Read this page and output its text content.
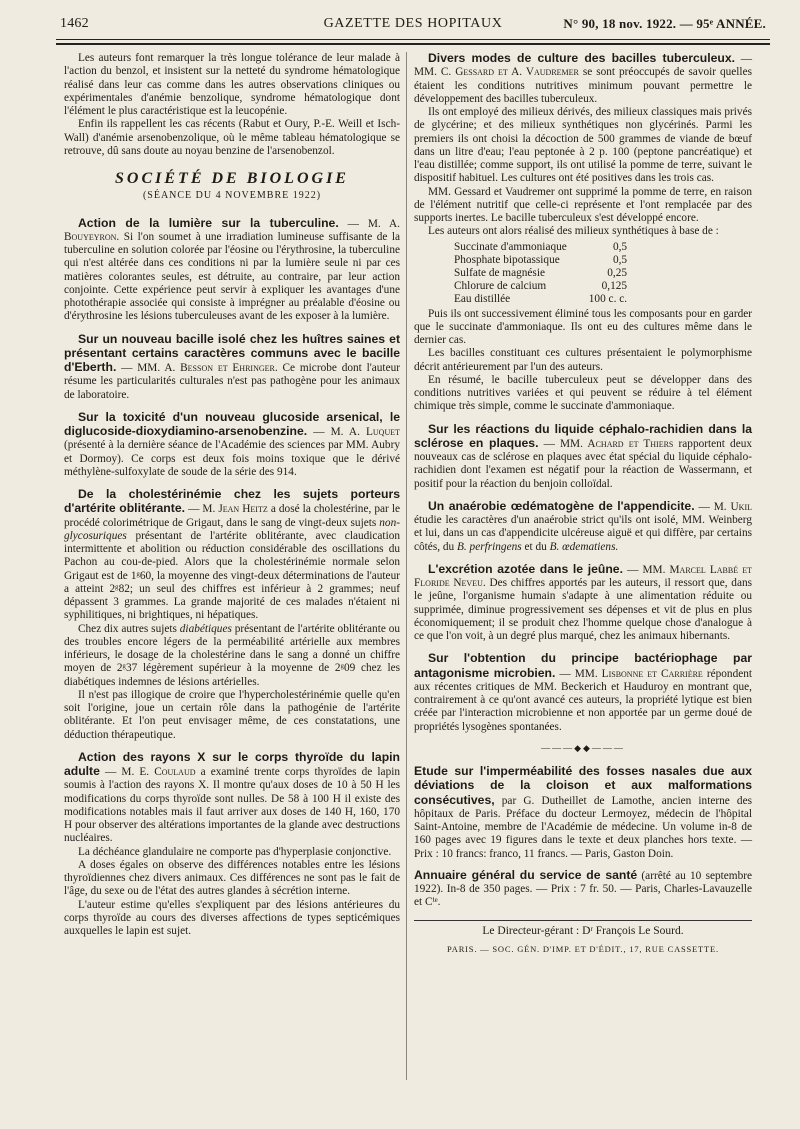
1462	GAZETTE DES HOPITAUX	N° 90, 18 nov. 1922. — 95ᵉ ANNÉE.

Les auteurs font remarquer la très longue tolérance de leur malade à l'action du benzol, et insistent sur la netteté du syndrome hématologique réalisé dans leur cas comme dans les autres observations cliniques ou expérimentales d'anémie benzolique, syndrome hématologique dont l'élément le plus caractéristique est la leucopénie.

Enfin ils rappellent les cas récents (Rabut et Oury, P.-E. Weill et Isch-Wall) d'anémie arsenobenzolique, où le même tableau hématologique se retrouve, dû sans doute au noyau benzine de l'arsenobenzol.

SOCIÉTÉ DE BIOLOGIE
(SÉANCE DU 4 NOVEMBRE 1922)

Action de la lumière sur la tuberculine. — M. A. Bouyeyron. Si l'on soumet à une irradiation lumineuse suffisante de la tuberculine en solution colorée par l'éosine ou l'érythrosine, la tuberculine qui n'est altérée dans ces conditions ni par la lumière seule ni par ces matières colorantes seules, est détruite, au contraire, par leur action conjointe. Cette expérience peut servir à expliquer les avantages d'une photothérapie associée qui consiste à imprégner au préalable d'éosine ou d'érythrosine les lésions tuberculeuses avant de les exposer à la lumière.

Sur un nouveau bacille isolé chez les huîtres saines et présentant certains caractères communs avec le bacille d'Eberth. — MM. A. Besson et Ehringer. Ce microbe dont l'auteur résume les particularités culturales n'est pas pathogène pour les animaux de laboratoire.

Sur la toxicité d'un nouveau glucoside arsenical, le diglucoside-dioxydiamino-arsenobenzine. — M. A. Luquet (présenté à la dernière séance de l'Académie des sciences par MM. Aubry et Dormoy). Ce corps est deux fois moins toxique que le dérivé méthylène-sulfoxylate de soude de la série des 914.

De la cholestérinémie chez les sujets porteurs d'artérite oblitérante. — M. Jean Heitz a dosé la cholestérine, par le procédé colorimétrique de Grigaut, dans le sang de vingt-deux sujets non-glycosuriques présentant de l'artérite oblitérante, avec claudication intermittente et abolition ou réduction considérable des oscillations du Pachon au cou-de-pied. Alors que la cholestérinémie normale selon Grigaut est de 1ᵍ60, la moyenne des vingt-deux déterminations de l'auteur a atteint 2ᵍ82; un seul des chiffres est inférieur à 2 grammes; neuf dépassent 3 grammes. La grande majorité de ces malades n'étaient ni syphilitiques, ni brightiques, ni hépatiques.

Chez dix autres sujets diabétiques présentant de l'artérite oblitérante ou des troubles encore légers de la perméabilité artérielle aux membres inférieurs, le dosage de la cholestérine dans le sang a donné un chiffre moyen de 2ᵍ37 légèrement supérieur à la moyenne de 2ᵍ09 chez les diabétiques indemnes de lésions artérielles.

Il n'est pas illogique de croire que l'hypercholestérinémie quelle qu'en soit l'origine, joue un certain rôle dans la pathogénie de l'artérite oblitérante. Et l'on peut envisager même, de ces constatations, une déduction thérapeutique.

Action des rayons X sur le corps thyroïde du lapin adulte — M. E. Coulaud a examiné trente corps thyroïdes de lapin soumis à l'action des rayons X. Il montre qu'aux doses de 10 à 50 H les modifications du corps thyroïde sont nulles. De 58 à 100 H il existe des modifications notables mais il faut arriver aux doses de 140 H, 160, 170 H pour observer des altérations importantes de la glande avec destructions nucléaires.

La déchéance glandulaire ne comporte pas d'hyperplasie conjonctive.

A doses égales on observe des différences notables entre les lésions thyroïdiennes chez divers animaux. Ces différences ne sont pas le fait de l'âge, du sexe ou de l'état des autres glandes à sécrétion interne.

L'auteur estime qu'elles s'expliquent par des lésions antérieures du corps thyroïde au cours des diverses affections de types septicémiques auxquelles le lapin est sujet.

Divers modes de culture des bacilles tuberculeux. — MM. C. Gessard et A. Vaudremer se sont préoccupés de savoir quelles étaient les conditions nutritives minimum pouvant permettre le développement des bacilles tuberculeux.

Ils ont employé des milieux dérivés, des milieux classiques mais privés de glycérine; et des milieux synthétiques non glycérinés. Parmi les premiers ils ont choisi la décoction de 500 grammes de viande de bœuf dans un litre d'eau; l'eau peptonée à 2 p. 100 (peptone pancréatique) et l'eau distillée; comme support, ils ont utilisé la pomme de terre, suivant le dispositif habituel. Les cultures ont été positives dans les trois cas.

MM. Gessard et Vaudremer ont supprimé la pomme de terre, en raison de l'élément nutritif que celle-ci représente et l'ont remplacée par des supports inertes. Le bacille tuberculeux s'est développé encore.

Les auteurs ont alors réalisé des milieux synthétiques à base de :

Succinate d'ammoniaque	0,5
Phosphate bipotassique	0,5
Sulfate de magnésie	0,25
Chlorure de calcium	0,125
Eau distillée	100 c. c.

Puis ils ont successivement éliminé tous les composants pour en garder que le succinate d'ammoniaque. Ils ont eu des cultures même dans le dernier cas.

Les bacilles constituant ces cultures présentaient le polymorphisme décrit antérieurement par l'un des auteurs.

En résumé, le bacille tuberculeux peut se développer dans des conditions nutritives variées et qui peuvent se réduire à tel élément chimique très simple, comme le succinate d'ammoniaque.

Sur les réactions du liquide céphalo-rachidien dans la sclérose en plaques. — MM. Achard et Thiers rapportent deux nouveaux cas de sclérose en plaques avec état spécial du liquide céphalo-rachidien dont l'examen est négatif pour la réaction de Wassermann, et positif pour la réaction du benjoin colloïdal.

Un anaérobie œdématogène de l'appendicite. — M. Ukil étudie les caractères d'un anaérobie strict qu'ils ont isolé, MM. Weinberg et lui, dans un cas d'appendicite ulcéreuse aiguë et qui diffère, par certains côtés, du B. perfringens et du B. œdematiens.

L'excrétion azotée dans le jeûne. — MM. Marcel Labbé et Floride Neveu. Des chiffres apportés par les auteurs, il ressort que, dans le jeûne, l'organisme humain s'adapte à une alimentation réduite ou supprimée, diminue progressivement ses dépenses et vit de plus en plus économiquement; il se produit chez l'homme quelque chose d'analogue à ce que l'on voit, à un degré plus marqué, chez les animaux hibernants.

Sur l'obtention du principe bactériophage par antagonisme microbien. — MM. Lisbonne et Carrière répondent aux récentes critiques de MM. Beckerich et Hauduroy en montrant que, contrairement à ce qu'ont avancé ces auteurs, la propriété lytique est bien créée par l'interaction microbienne et non apportée par un germe doué de propriétés lysogènes spontanées.

———◆◆———

Etude sur l'imperméabilité des fosses nasales due aux déviations de la cloison et aux malformations consécutives, par G. Dutheillet de Lamothe, ancien interne des hôpitaux de Paris. Préface du docteur Lermoyez, médecin de l'hôpital Saint-Antoine, membre de l'Académie de médecine. Un volume in-8 de 160 pages avec 19 figures dans le texte et deux planches hors texte. — Prix : 10 francs: franco, 11 francs. — Paris, Gaston Doin.

Annuaire général du service de santé (arrêté au 10 septembre 1922). In-8 de 350 pages. — Prix : 7 fr. 50. — Paris, Charles-Lavauzelle et Cⁱᵉ.

Le Directeur-gérant : Dʳ François Le Sourd.
PARIS. — SOC. GÉN. D'IMP. ET D'ÉDIT., 17, RUE CASSETTE.
